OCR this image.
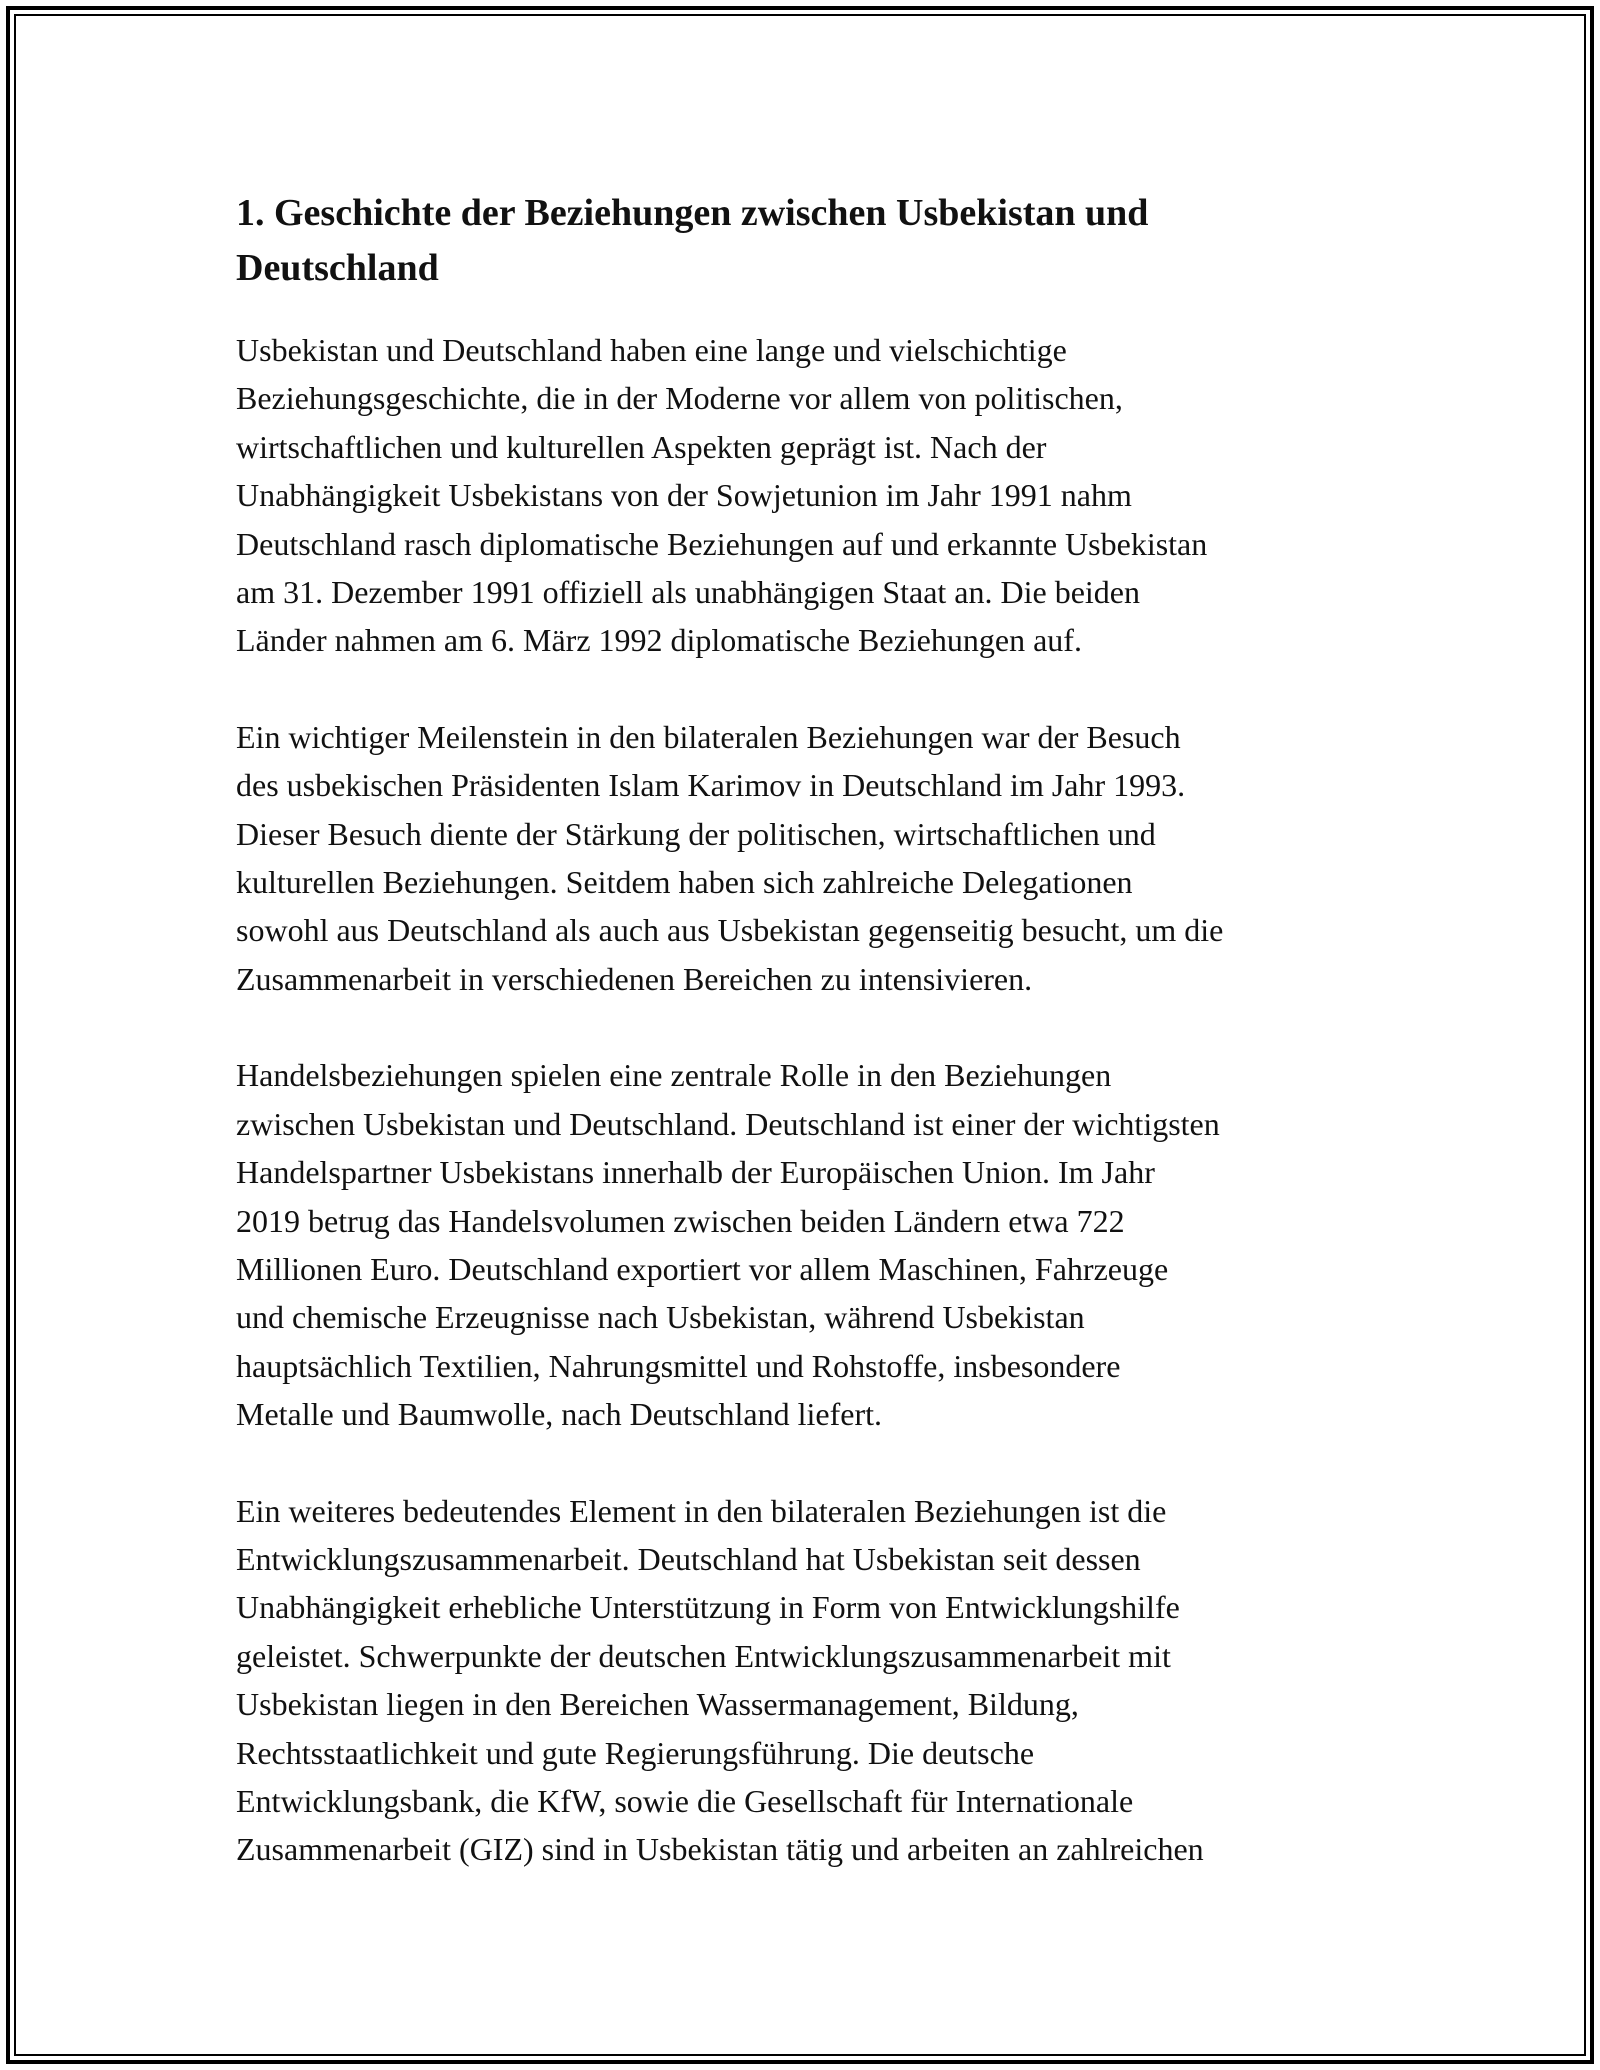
1. Geschichte der Beziehungen zwischen Usbekistan und
Deutschland

Usbekistan und Deutschland haben eine lange und vielschichtige
Beziehungsgeschichte, die in der Moderne vor allem von politischen,
wirtschaftlichen und kulturellen Aspekten geprägt ist. Nach der
Unabhängigkeit Usbekistans von der Sowjetunion im Jahr 1991 nahm
Deutschland rasch diplomatische Beziehungen auf und erkannte Usbekistan
am 31. Dezember 1991 offiziell als unabhängigen Staat an. Die beiden
Länder nahmen am 6. März 1992 diplomatische Beziehungen auf.

Ein wichtiger Meilenstein in den bilateralen Beziehungen war der Besuch
des usbekischen Präsidenten Islam Karimov in Deutschland im Jahr 1993.
Dieser Besuch diente der Stärkung der politischen, wirtschaftlichen und
kulturellen Beziehungen. Seitdem haben sich zahlreiche Delegationen
sowohl aus Deutschland als auch aus Usbekistan gegenseitig besucht, um die
Zusammenarbeit in verschiedenen Bereichen zu intensivieren.

Handelsbeziehungen spielen eine zentrale Rolle in den Beziehungen
zwischen Usbekistan und Deutschland. Deutschland ist einer der wichtigsten
Handelspartner Usbekistans innerhalb der Europäischen Union. Im Jahr
2019 betrug das Handelsvolumen zwischen beiden Ländern etwa 722
Millionen Euro. Deutschland exportiert vor allem Maschinen, Fahrzeuge
und chemische Erzeugnisse nach Usbekistan, während Usbekistan
hauptsächlich Textilien, Nahrungsmittel und Rohstoffe, insbesondere
Metalle und Baumwolle, nach Deutschland liefert.

Ein weiteres bedeutendes Element in den bilateralen Beziehungen ist die
Entwicklungszusammenarbeit. Deutschland hat Usbekistan seit dessen
Unabhängigkeit erhebliche Unterstützung in Form von Entwicklungshilfe
geleistet. Schwerpunkte der deutschen Entwicklungszusammenarbeit mit
Usbekistan liegen in den Bereichen Wassermanagement, Bildung,
Rechtsstaatlichkeit und gute Regierungsführung. Die deutsche
Entwicklungsbank, die KfW, sowie die Gesellschaft für Internationale
Zusammenarbeit (GIZ) sind in Usbekistan tätig und arbeiten an zahlreichen
